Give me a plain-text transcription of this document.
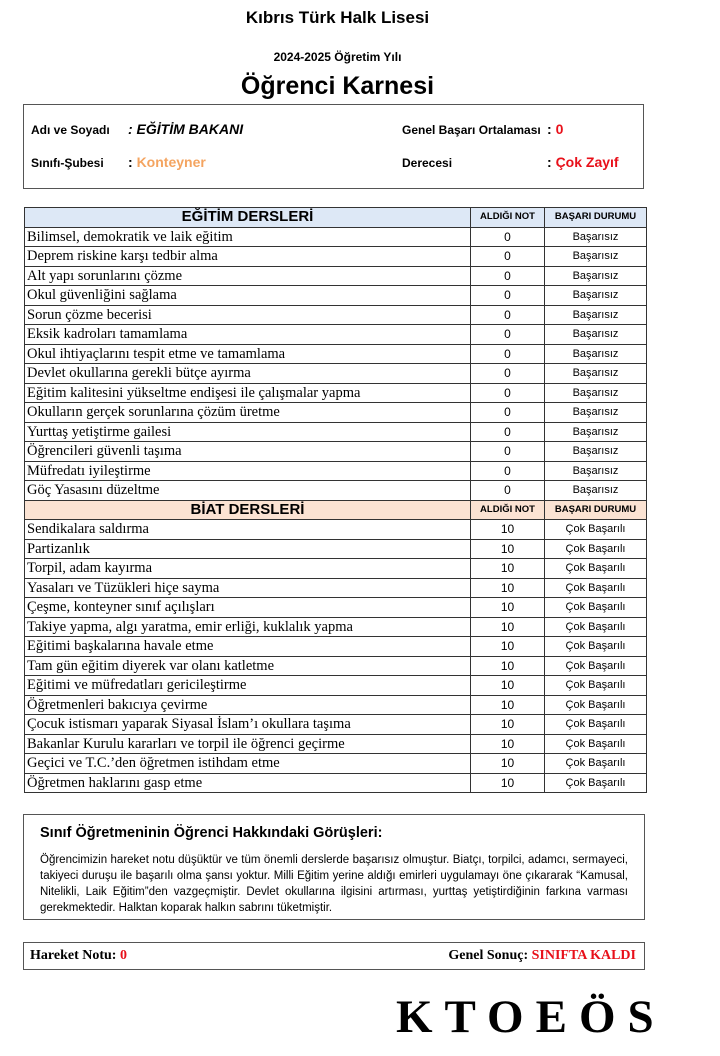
Kıbrıs Türk Halk Lisesi
2024-2025 Öğretim Yılı
Öğrenci Karnesi
Adı ve Soyadı : EĞİTİM BAKANI
Sınıfı-Şubesi : Konteyner
Genel Başarı Ortalaması : 0
Derecesi	: Çok Zayıf
EĞİTİM DERSLERİ	ALDIĞI NOT	BAŞARI DURUMU
Bilimsel, demokratik ve laik eğitim	0	Başarısız
Deprem riskine karşı tedbir alma	0	Başarısız
Alt yapı sorunlarını çözme	0	Başarısız
Okul güvenliğini sağlama	0	Başarısız
Sorun çözme becerisi	0	Başarısız
Eksik kadroları tamamlama	0	Başarısız
Okul ihtiyaçlarını tespit etme ve tamamlama	0	Başarısız
Devlet okullarına gerekli bütçe ayırma	0	Başarısız
Eğitim kalitesini yükseltme endişesi ile çalışmalar yapma	0	Başarısız
Okulların gerçek sorunlarına çözüm üretme	0	Başarısız
Yurttaş yetiştirme gailesi	0	Başarısız
Öğrencileri güvenli taşıma	0	Başarısız
Müfredatı iyileştirme	0	Başarısız
Göç Yasasını düzeltme	0	Başarısız
BİAT DERSLERİ	ALDIĞI NOT	BAŞARI DURUMU
Sendikalara saldırma	10	Çok Başarılı
Partizanlık	10	Çok Başarılı
Torpil, adam kayırma	10	Çok Başarılı
Yasaları ve Tüzükleri hiçe sayma	10	Çok Başarılı
Çeşme, konteyner sınıf açılışları	10	Çok Başarılı
Takiye yapma, algı yaratma, emir erliği, kuklalık yapma	10	Çok Başarılı
Eğitimi başkalarına havale etme	10	Çok Başarılı
Tam gün eğitim diyerek var olanı katletme	10	Çok Başarılı
Eğitimi ve müfredatları gericileştirme	10	Çok Başarılı
Öğretmenleri bakıcıya çevirme	10	Çok Başarılı
Çocuk istismarı yaparak Siyasal İslam’ı okullara taşıma	10	Çok Başarılı
Bakanlar Kurulu kararları ve torpil ile öğrenci geçirme	10	Çok Başarılı
Geçici ve T.C.’den öğretmen istihdam etme	10	Çok Başarılı
Öğretmen haklarını gasp etme	10	Çok Başarılı
Sınıf Öğretmeninin Öğrenci Hakkındaki Görüşleri:
Öğrencimizin hareket notu düşüktür ve tüm önemli derslerde başarısız olmuştur. Biatçı, torpilci, adamcı, sermayeci, takiyeci duruşu ile başarılı olma şansı yoktur. Milli Eğitim yerine aldığı emirleri uygulamayı öne çıkararak “Kamusal, Nitelikli, Laik Eğitim”den vazgeçmiştir. Devlet okullarına ilgisini artırması, yurttaş yetiştirdiğinin farkına varması gerekmektedir. Halktan koparak halkın sabrını tüketmiştir.
Hareket Notu: 0	Genel Sonuç: SINIFTA KALDI
KTOEÖS
